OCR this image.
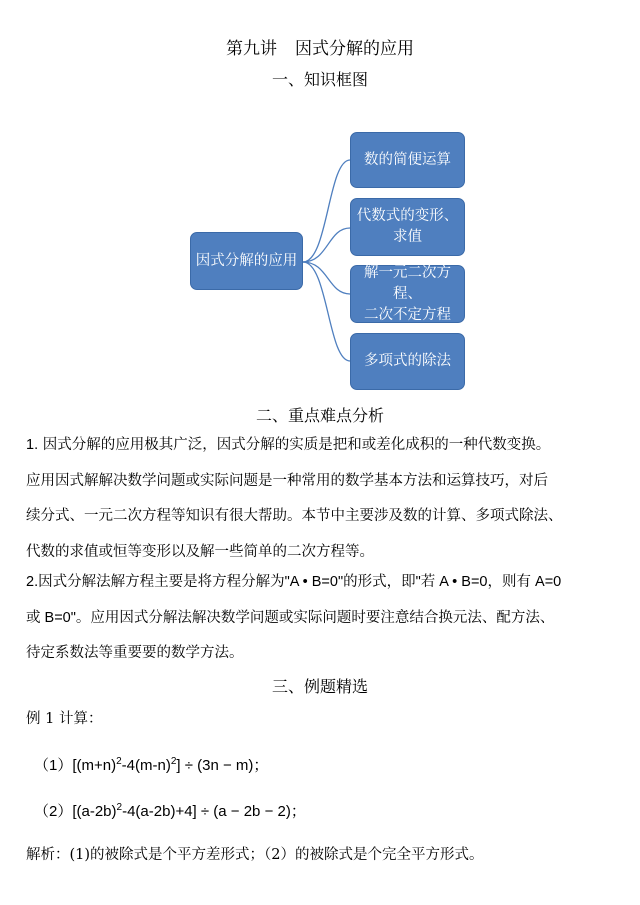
第九讲 因式分解的应用
一、知识框图
因式分解的应用
数的简便运算
代数式的变形、
求值
解一元二次方程、
二次不定方程
多项式的除法
二、重点难点分析
1. 因式分解的应用极其广泛，因式分解的实质是把和或差化成积的一种代数变换。
应用因式解解决数学问题或实际问题是一种常用的数学基本方法和运算技巧，对后
续分式、一元二次方程等知识有很大帮助。本节中主要涉及数的计算、多项式除法、
代数的求值或恒等变形以及解一些简单的二次方程等。
2.因式分解法解方程主要是将方程分解为"A • B=0"的形式，即"若 A • B=0，则有 A=0
或 B=0"。应用因式分解法解决数学问题或实际问题时要注意结合换元法、配方法、
待定系数法等重要要的数学方法。
三、例题精选
例 1 计算：
$(1)[(m+n)^2-4(m-n)^2] \div (3n - m)$；
$(2)[(a-2b)^2-4(a-2b)+4] \div (a - 2b - 2)$；
解析：(1)的被除式是个平方差形式；（2）的被除式是个完全平方形式。
